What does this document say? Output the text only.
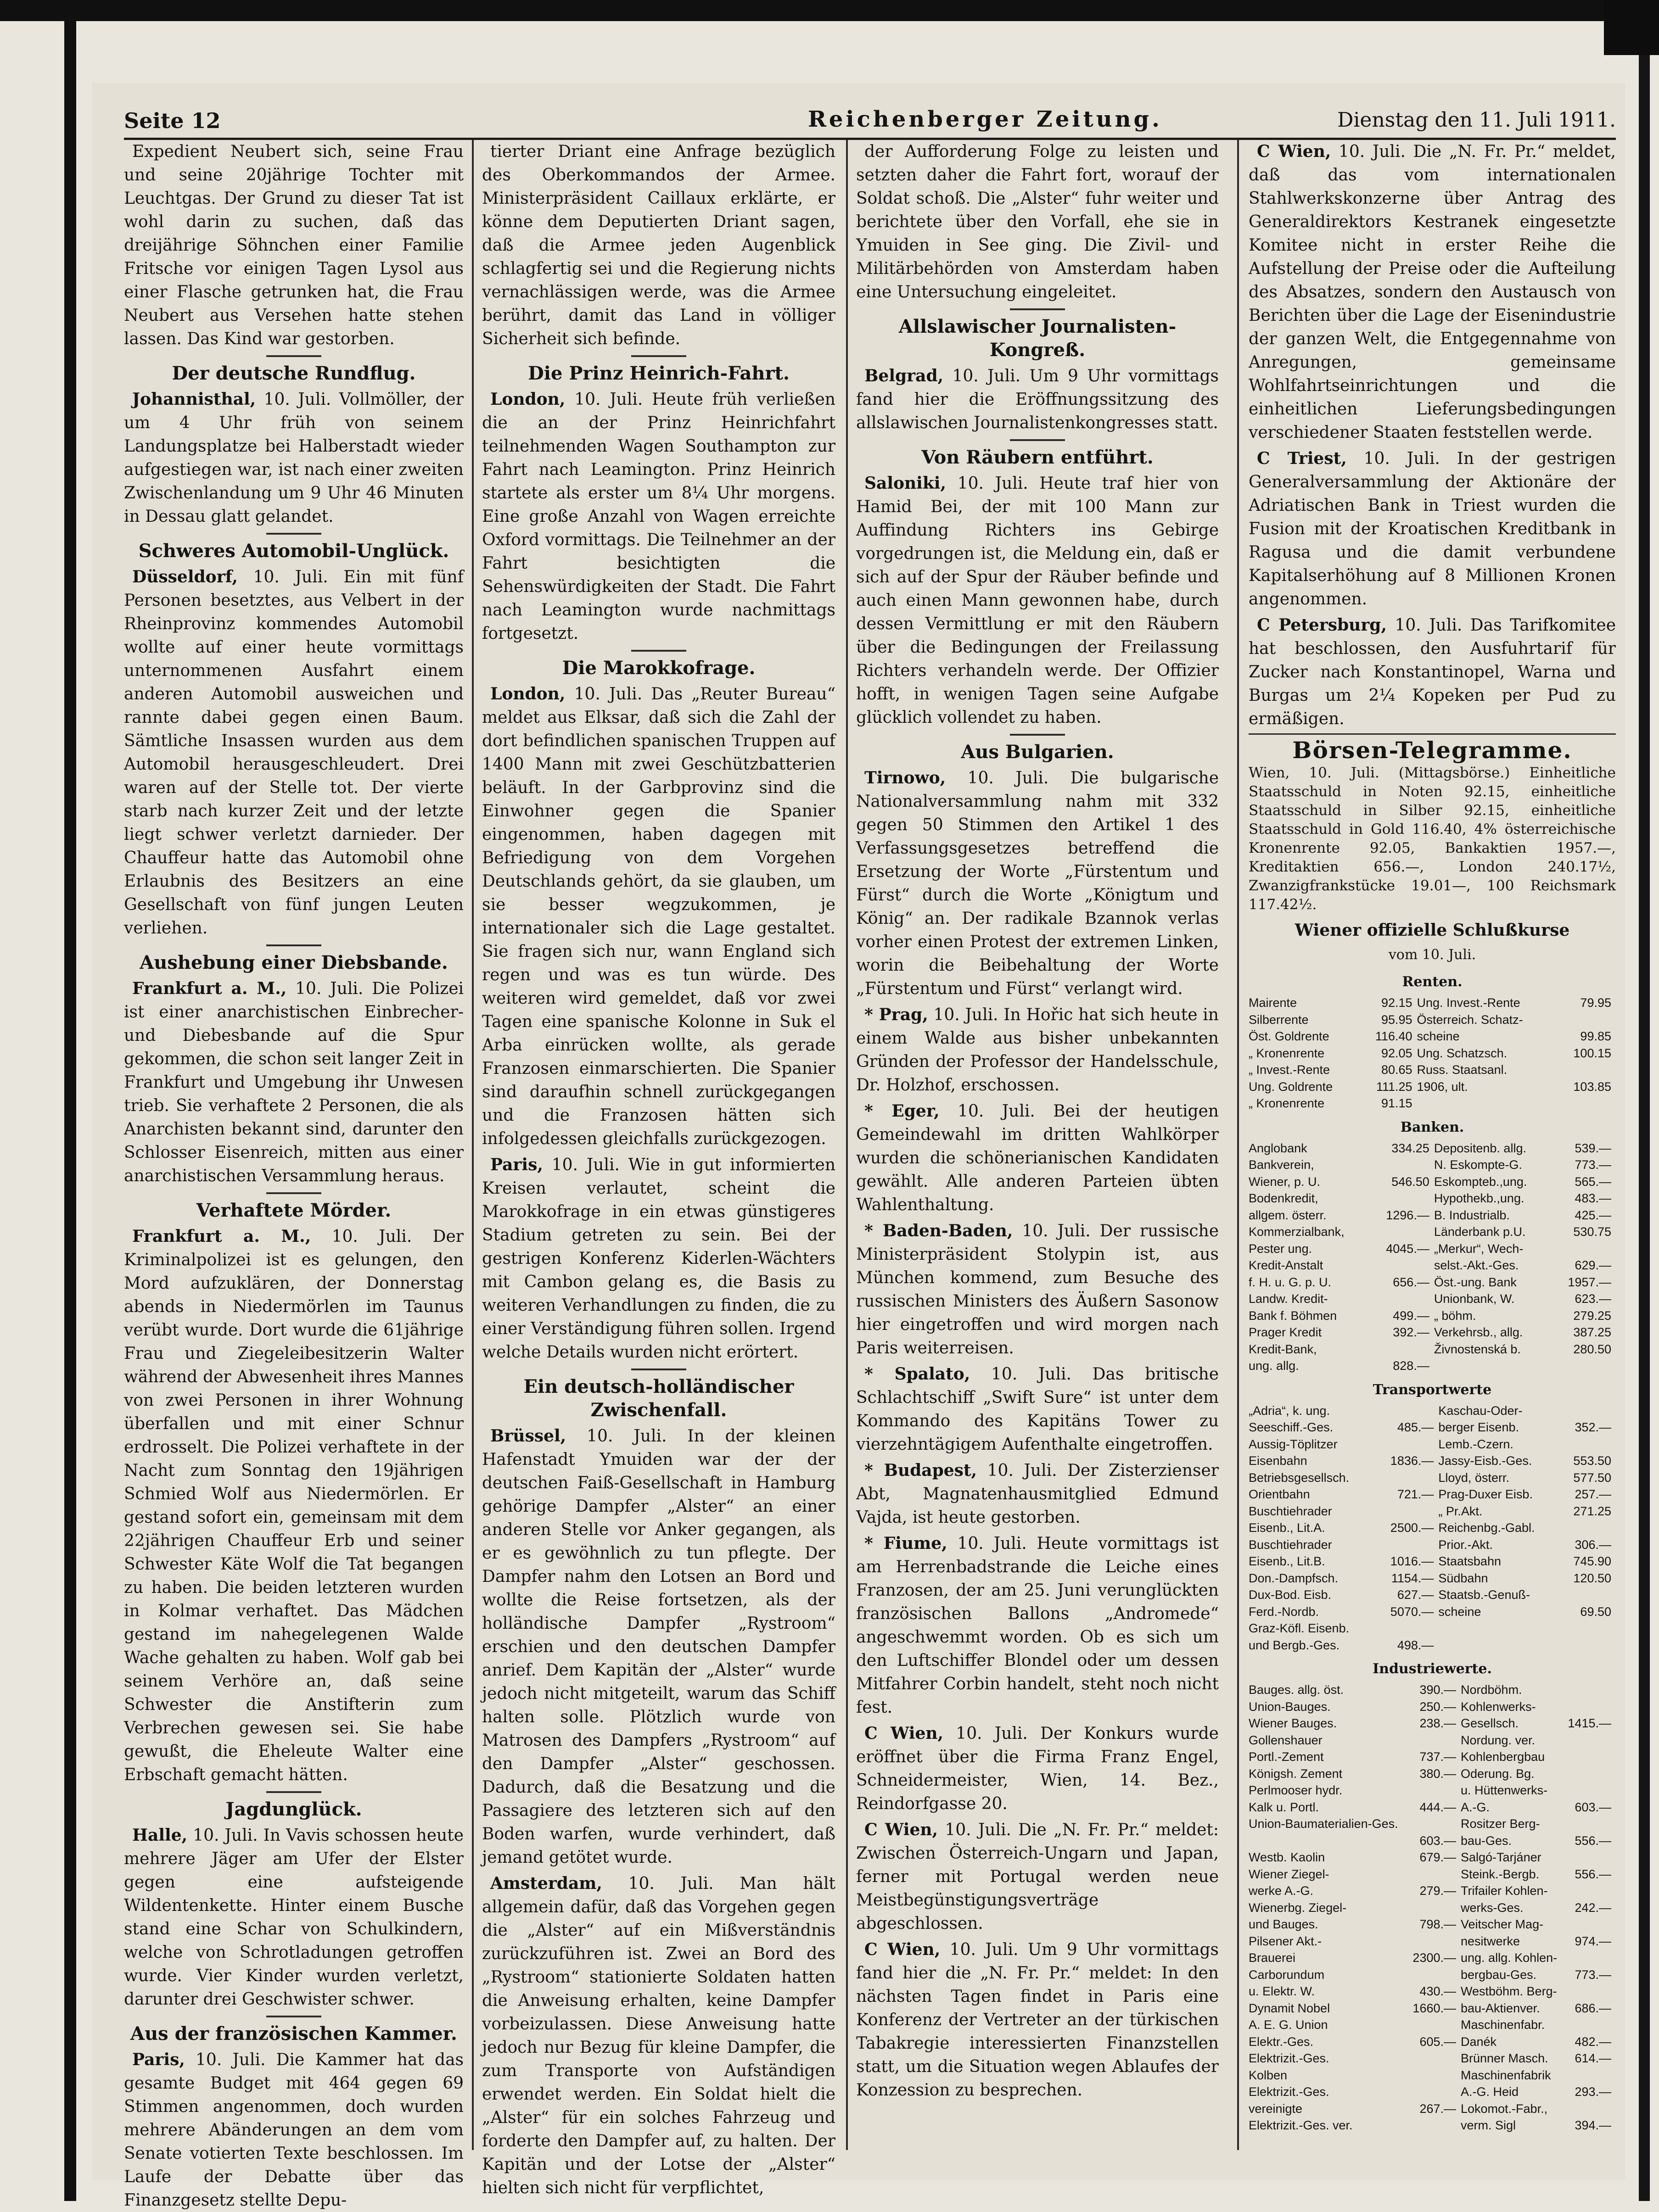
Seite 12	Reichenberger Zeitung.	Dienstag den 11. Juli 1911.

Expedient Neubert sich, seine Frau und seine 20jährige Tochter mit Leuchtgas. Der Grund zu dieser Tat ist wohl darin zu suchen, daß das dreijährige Söhnchen einer Familie Fritsche vor einigen Tagen Lysol aus einer Flasche getrunken hat, die Frau Neubert aus Versehen hatte stehen lassen. Das Kind war gestorben.

Der deutsche Rundflug.

Johannisthal, 10. Juli. Vollmöller, der um 4 Uhr früh von seinem Landungsplatze bei Halberstadt wieder aufgestiegen war, ist nach einer zweiten Zwischenlandung um 9 Uhr 46 Minuten in Dessau glatt gelandet.

Schweres Automobil-Unglück.

Düsseldorf, 10. Juli. Ein mit fünf Personen besetztes, aus Velbert in der Rheinprovinz kommendes Automobil wollte auf einer heute vormittags unternommenen Ausfahrt einem anderen Automobil ausweichen und rannte dabei gegen einen Baum. Sämtliche Insassen wurden aus dem Automobil herausgeschleudert. Drei waren auf der Stelle tot. Der vierte starb nach kurzer Zeit und der letzte liegt schwer verletzt darnieder. Der Chauffeur hatte das Automobil ohne Erlaubnis des Besitzers an eine Gesellschaft von fünf jungen Leuten verliehen.

Aushebung einer Diebsbande.

Frankfurt a. M., 10. Juli. Die Polizei ist einer anarchistischen Einbrecher- und Diebesbande auf die Spur gekommen, die schon seit langer Zeit in Frankfurt und Umgebung ihr Unwesen trieb. Sie verhaftete 2 Personen, die als Anarchisten bekannt sind, darunter den Schlosser Eisenreich, mitten aus einer anarchistischen Versammlung heraus.

Verhaftete Mörder.

Frankfurt a. M., 10. Juli. Der Kriminalpolizei ist es gelungen, den Mord aufzuklären, der Donnerstag abends in Niedermörlen im Taunus verübt wurde. Dort wurde die 61jährige Frau und Ziegeleibesitzerin Walter während der Abwesenheit ihres Mannes von zwei Personen in ihrer Wohnung überfallen und mit einer Schnur erdrosselt. Die Polizei verhaftete in der Nacht zum Sonntag den 19jährigen Schmied Wolf aus Niedermörlen. Er gestand sofort ein, gemeinsam mit dem 22jährigen Chauffeur Erb und seiner Schwester Käte Wolf die Tat begangen zu haben. Die beiden letzteren wurden in Kolmar verhaftet. Das Mädchen gestand im nahegelegenen Walde Wache gehalten zu haben. Wolf gab bei seinem Verhöre an, daß seine Schwester die Anstifterin zum Verbrechen gewesen sei. Sie habe gewußt, die Eheleute Walter eine Erbschaft gemacht hätten.

Jagdunglück.

Halle, 10. Juli. In Vavis schossen heute mehrere Jäger am Ufer der Elster gegen eine aufsteigende Wildentenkette. Hinter einem Busche stand eine Schar von Schulkindern, welche von Schrotladungen getroffen wurde. Vier Kinder wurden verletzt, darunter drei Geschwister schwer.

Aus der französischen Kammer.

Paris, 10. Juli. Die Kammer hat das gesamte Budget mit 464 gegen 69 Stimmen angenommen, doch wurden mehrere Abänderungen an dem vom Senate votierten Texte beschlossen. Im Laufe der Debatte über das Finanzgesetz stellte Depu-

tierter Driant eine Anfrage bezüglich des Oberkommandos der Armee. Ministerpräsident Caillaux erklärte, er könne dem Deputierten Driant sagen, daß die Armee jeden Augenblick schlagfertig sei und die Regierung nichts vernachlässigen werde, was die Armee berührt, damit das Land in völliger Sicherheit sich befinde.

Die Prinz Heinrich-Fahrt.

London, 10. Juli. Heute früh verließen die an der Prinz Heinrichfahrt teilnehmenden Wagen Southampton zur Fahrt nach Leamington. Prinz Heinrich startete als erster um 8¼ Uhr morgens. Eine große Anzahl von Wagen erreichte Oxford vormittags. Die Teilnehmer an der Fahrt besichtigten die Sehenswürdigkeiten der Stadt. Die Fahrt nach Leamington wurde nachmittags fortgesetzt.

Die Marokkofrage.

London, 10. Juli. Das „Reuter Bureau“ meldet aus Elksar, daß sich die Zahl der dort befindlichen spanischen Truppen auf 1400 Mann mit zwei Geschützbatterien beläuft. In der Garbprovinz sind die Einwohner gegen die Spanier eingenommen, haben dagegen mit Befriedigung von dem Vorgehen Deutschlands gehört, da sie glauben, um sie besser wegzukommen, je internationaler sich die Lage gestaltet. Sie fragen sich nur, wann England sich regen und was es tun würde. Des weiteren wird gemeldet, daß vor zwei Tagen eine spanische Kolonne in Suk el Arba einrücken wollte, als gerade Franzosen einmarschierten. Die Spanier sind daraufhin schnell zurückgegangen und die Franzosen hätten sich infolgedessen gleichfalls zurückgezogen.

Paris, 10. Juli. Wie in gut informierten Kreisen verlautet, scheint die Marokkofrage in ein etwas günstigeres Stadium getreten zu sein. Bei der gestrigen Konferenz Kiderlen-Wächters mit Cambon gelang es, die Basis zu weiteren Verhandlungen zu finden, die zu einer Verständigung führen sollen. Irgend welche Details wurden nicht erörtert.

Ein deutsch-holländischer Zwischenfall.

Brüssel, 10. Juli. In der kleinen Hafenstadt Ymuiden war der der deutschen Faiß-Gesellschaft in Hamburg gehörige Dampfer „Alster“ an einer anderen Stelle vor Anker gegangen, als er es gewöhnlich zu tun pflegte. Der Dampfer nahm den Lotsen an Bord und wollte die Reise fortsetzen, als der holländische Dampfer „Rystroom“ erschien und den deutschen Dampfer anrief. Dem Kapitän der „Alster“ wurde jedoch nicht mitgeteilt, warum das Schiff halten solle. Plötzlich wurde von Matrosen des Dampfers „Rystroom“ auf den Dampfer „Alster“ geschossen. Dadurch, daß die Besatzung und die Passagiere des letzteren sich auf den Boden warfen, wurde verhindert, daß jemand getötet wurde.

Amsterdam, 10. Juli. Man hält allgemein dafür, daß das Vorgehen gegen die „Alster“ auf ein Mißverständnis zurückzuführen ist. Zwei an Bord des „Rystroom“ stationierte Soldaten hatten die Anweisung erhalten, keine Dampfer vorbeizulassen. Diese Anweisung hatte jedoch nur Bezug für kleine Dampfer, die zum Transporte von Aufständigen erwendet werden. Ein Soldat hielt die „Alster“ für ein solches Fahrzeug und forderte den Dampfer auf, zu halten. Der Kapitän und der Lotse der „Alster“ hielten sich nicht für verpflichtet,

der Aufforderung Folge zu leisten und setzten daher die Fahrt fort, worauf der Soldat schoß. Die „Alster“ fuhr weiter und berichtete über den Vorfall, ehe sie in Ymuiden in See ging. Die Zivil- und Militärbehörden von Amsterdam haben eine Untersuchung eingeleitet.

Allslawischer Journalisten-Kongreß.

Belgrad, 10. Juli. Um 9 Uhr vormittags fand hier die Eröffnungssitzung des allslawischen Journalistenkongresses statt.

Von Räubern entführt.

Saloniki, 10. Juli. Heute traf hier von Hamid Bei, der mit 100 Mann zur Auffindung Richters ins Gebirge vorgedrungen ist, die Meldung ein, daß er sich auf der Spur der Räuber befinde und auch einen Mann gewonnen habe, durch dessen Vermittlung er mit den Räubern über die Bedingungen der Freilassung Richters verhandeln werde. Der Offizier hofft, in wenigen Tagen seine Aufgabe glücklich vollendet zu haben.

Aus Bulgarien.

Tirnowo, 10. Juli. Die bulgarische Nationalversammlung nahm mit 332 gegen 50 Stimmen den Artikel 1 des Verfassungsgesetzes betreffend die Ersetzung der Worte „Fürstentum und Fürst“ durch die Worte „Königtum und König“ an. Der radikale Bzannok verlas vorher einen Protest der extremen Linken, worin die Beibehaltung der Worte „Fürstentum und Fürst“ verlangt wird.

* Prag, 10. Juli. In Hořic hat sich heute in einem Walde aus bisher unbekannten Gründen der Professor der Handelsschule, Dr. Holzhof, erschossen.

* Eger, 10. Juli. Bei der heutigen Gemeindewahl im dritten Wahlkörper wurden die schönerianischen Kandidaten gewählt. Alle anderen Parteien übten Wahlenthaltung.

* Baden-Baden, 10. Juli. Der russische Ministerpräsident Stolypin ist, aus München kommend, zum Besuche des russischen Ministers des Äußern Sasonow hier eingetroffen und wird morgen nach Paris weiterreisen.

* Spalato, 10. Juli. Das britische Schlachtschiff „Swift Sure“ ist unter dem Kommando des Kapitäns Tower zu vierzehntägigem Aufenthalte eingetroffen.

* Budapest, 10. Juli. Der Zisterzienser Abt, Magnatenhausmitglied Edmund Vajda, ist heute gestorben.

* Fiume, 10. Juli. Heute vormittags ist am Herrenbadstrande die Leiche eines Franzosen, der am 25. Juni verunglückten französischen Ballons „Andromede“ angeschwemmt worden. Ob es sich um den Luftschiffer Blondel oder um dessen Mitfahrer Corbin handelt, steht noch nicht fest.

C Wien, 10. Juli. Der Konkurs wurde eröffnet über die Firma Franz Engel, Schneidermeister, Wien, 14. Bez., Reindorfgasse 20.

C Wien, 10. Juli. Die „N. Fr. Pr.“ meldet: Zwischen Österreich-Ungarn und Japan, ferner mit Portugal werden neue Meistbegünstigungsverträge abgeschlossen.

C Wien, 10. Juli. Um 9 Uhr vormittags fand hier die „N. Fr. Pr.“ meldet: In den nächsten Tagen findet in Paris eine Konferenz der Vertreter an der türkischen Tabakregie interessierten Finanzstellen statt, um die Situation wegen Ablaufes der Konzession zu besprechen.

C Wien, 10. Juli. Die „N. Fr. Pr.“ meldet, daß das vom internationalen Stahlwerkskonzerne über Antrag des Generaldirektors Kestranek eingesetzte Komitee nicht in erster Reihe die Aufstellung der Preise oder die Aufteilung des Absatzes, sondern den Austausch von Berichten über die Lage der Eisenindustrie der ganzen Welt, die Entgegennahme von Anregungen, gemeinsame Wohlfahrtseinrichtungen und die einheitlichen Lieferungsbedingungen verschiedener Staaten feststellen werde.

C Triest, 10. Juli. In der gestrigen Generalversammlung der Aktionäre der Adriatischen Bank in Triest wurden die Fusion mit der Kroatischen Kreditbank in Ragusa und die damit verbundene Kapitalserhöhung auf 8 Millionen Kronen angenommen.

C Petersburg, 10. Juli. Das Tarifkomitee hat beschlossen, den Ausfuhrtarif für Zucker nach Konstantinopel, Warna und Burgas um 2¼ Kopeken per Pud zu ermäßigen.

Börsen-Telegramme.

Wien, 10. Juli. (Mittagsbörse.) Einheitliche Staatsschuld in Noten 92.15, einheitliche Staatsschuld in Silber 92.15, einheitliche Staatsschuld in Gold 116.40, 4% österreichische Kronenrente 92.05, Bankaktien 1957.—, Kreditaktien 656.—, London 240.17½, Zwanzigfrankstücke 19.01—, 100 Reichsmark 117.42½.

Wiener offizielle Schlußkurse
vom 10. Juli.
Renten.
Mairente	92.15	Ung. Invest.-Rente	79.95
Silberrente	95.95	Österreich. Schatz-	
Öst. Goldrente	116.40	scheine	99.85
„ Kronenrente	92.05	Ung. Schatzsch.	100.15
„ Invest.-Rente	80.65	Russ. Staatsanl.	
Ung. Goldrente	111.25	1906, ult.	103.85
„ Kronenrente	91.15		
Banken.
Anglobank	334.25	Depositenb. allg.	539.—
Bankverein,		N. Eskompte-G.	773.—
Wiener, p. U.	546.50	Eskompteb.,ung.	565.—
Bodenkredit,		Hypothekb.,ung.	483.—
allgem. österr.	1296.—	B. Industrialb.	425.—
Kommerzialbank,		Länderbank p.U.	530.75
Pester ung.	4045.—	„Merkur“, Wech-	
Kredit-Anstalt		selst.-Akt.-Ges.	629.—
f. H. u. G. p. U.	656.—	Öst.-ung. Bank	1957.—
Landw. Kredit-		Unionbank, W.	623.—
Bank f. Böhmen	499.—	„ böhm.	279.25
Prager Kredit	392.—	Verkehrsb., allg.	387.25
Kredit-Bank,		Živnostenská b.	280.50
ung. allg.	828.—		
Transportwerte
„Adria“, k. ung.		Kaschau-Oder-	
Seeschiff.-Ges.	485.—	berger Eisenb.	352.—
Aussig-Töplitzer		Lemb.-Czern.	
Eisenbahn	1836.—	Jassy-Eisb.-Ges.	553.50
Betriebsgesellsch.		Lloyd, österr.	577.50
Orientbahn	721.—	Prag-Duxer Eisb.	257.—
Buschtiehrader		„ Pr.Akt.	271.25
Eisenb., Lit.A.	2500.—	Reichenbg.-Gabl.	
Buschtiehrader		Prior.-Akt.	306.—
Eisenb., Lit.B.	1016.—	Staatsbahn	745.90
Don.-Dampfsch.	1154.—	Südbahn	120.50
Dux-Bod. Eisb.	627.—	Staatsb.-Genuß-	
Ferd.-Nordb.	5070.—	scheine	69.50
Graz-Köfl. Eisenb.			
und Bergb.-Ges.	498.—		
Industriewerte.
Bauges. allg. öst.	390.—	Nordböhm.	
Union-Bauges.	250.—	Kohlenwerks-	
Wiener Bauges.	238.—	Gesellsch.	1415.—
Gollenshauer		Nordung. ver.	
Portl.-Zement	737.—	Kohlenbergbau	
Königsh. Zement	380.—	Oderung. Bg.	
Perlmooser hydr.		u. Hüttenwerks-	
Kalk u. Portl.	444.—	A.-G.	603.—
Union-Baumaterialien-Ges.		Rositzer Berg-	
	603.—	bau-Ges.	556.—
Westb. Kaolin	679.—	Salgó-Tarjáner	
Wiener Ziegel-		Steink.-Bergb.	556.—
werke A.-G.	279.—	Trifailer Kohlen-	
Wienerbg. Ziegel-		werks-Ges.	242.—
und Bauges.	798.—	Veitscher Mag-	
Pilsener Akt.-		nesitwerke	974.—
Brauerei	2300.—	ung. allg. Kohlen-	
Carborundum		bergbau-Ges.	773.—
u. Elektr. W.	430.—	Westböhm. Berg-	
Dynamit Nobel	1660.—	bau-Aktienver.	686.—
A. E. G. Union		Maschinenfabr.	
Elektr.-Ges.	605.—	Danék	482.—
Elektrizit.-Ges.		Brünner Masch.	614.—
Kolben		Maschinenfabrik	
Elektrizit.-Ges.		A.-G. Heid	293.—
vereinigte	267.—	Lokomot.-Fabr.,	
Elektrizit.-Ges. ver.		verm. Sigl	394.—
